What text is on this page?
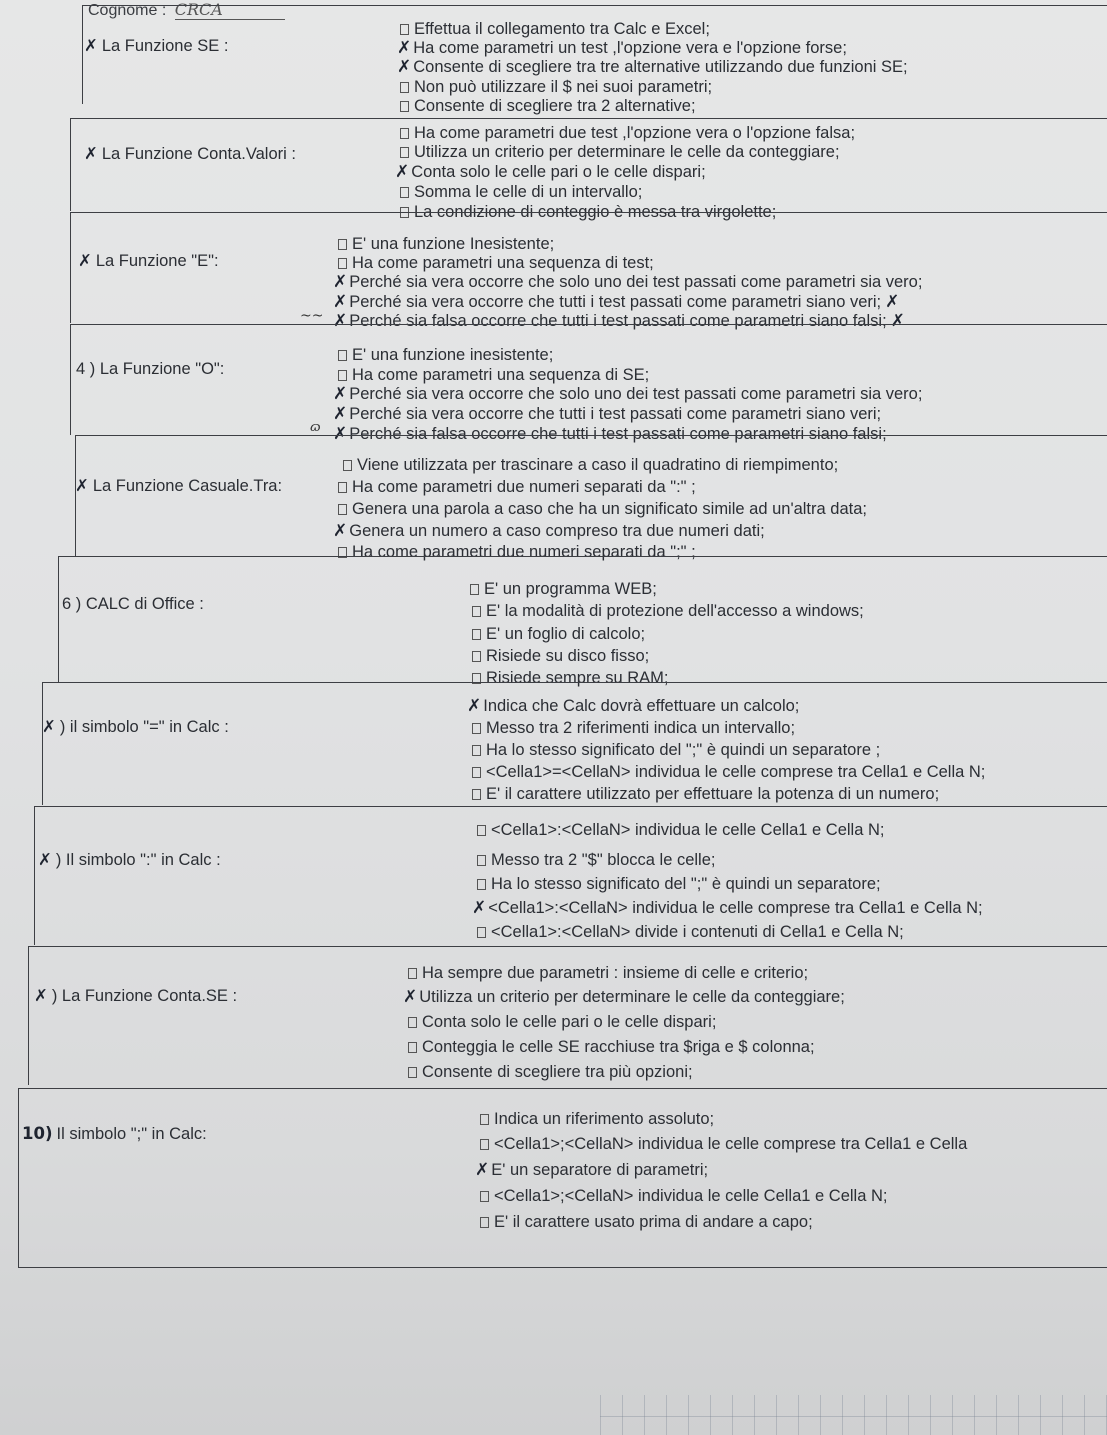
Cognome : CRCA
✗ La Funzione SE :
Effettua il collegamento tra Calc e Excel;
✗ Ha come parametri un test ,l'opzione vera e l'opzione forse;
✗ Consente di scegliere tra tre alternative utilizzando due funzioni SE;
Non può utilizzare il $ nei suoi parametri;
Consente di scegliere tra 2 alternative;
✗ La Funzione Conta.Valori :
Ha come parametri due test ,l'opzione vera o l'opzione falsa;
Utilizza un criterio per determinare le celle da conteggiare;
✗ Conta solo le celle pari o le celle dispari;
Somma le celle di un intervallo;
La condizione di conteggio è messa tra virgolette;
✗ La Funzione "E":
E' una funzione Inesistente;
Ha come parametri una sequenza di test;
✗ Perché sia vera occorre che solo uno dei test passati come parametri sia vero;
✗ Perché sia vera occorre che tutti i test passati come parametri siano veri; ✗
~~ ✗ Perché sia falsa occorre che tutti i test passati come parametri siano falsi; ✗
4 ) La Funzione "O":
E' una funzione inesistente;
Ha come parametri una sequenza di SE;
✗ Perché sia vera occorre che solo uno dei test passati come parametri sia vero;
ɷ
✗ Perché sia vera occorre che tutti i test passati come parametri siano veri;
✗ Perché sia falsa occorre che tutti i test passati come parametri siano falsi;
✗ La Funzione Casuale.Tra:
Viene utilizzata per trascinare a caso il quadratino di riempimento;
Ha come parametri due numeri separati da ":" ;
Genera una parola a caso che ha un significato simile ad un'altra data;
✗ Genera un numero a caso compreso tra due numeri dati;
Ha come parametri due numeri separati da ";" ;
6 ) CALC di Office :
E' un programma WEB;
E' la modalità di protezione dell'accesso a windows;
E' un foglio di calcolo;
Risiede su disco fisso;
Risiede sempre su RAM;
✗ ) il simbolo "=" in Calc :
✗ Indica che Calc dovrà effettuare un calcolo;
Messo tra 2 riferimenti indica un intervallo;
Ha lo stesso significato del ";" è quindi un separatore ;
<Cella1>=<CellaN> individua le celle comprese tra Cella1 e Cella N;
E' il carattere utilizzato per effettuare la potenza di un numero;
✗ ) Il simbolo ":" in Calc :
<Cella1>:<CellaN> individua le celle Cella1 e Cella N;
Messo tra 2 "$" blocca le celle;
Ha lo stesso significato del ";" è quindi un separatore;
✗ <Cella1>:<CellaN> individua le celle comprese tra Cella1 e Cella N;
<Cella1>:<CellaN> divide i contenuti di Cella1 e Cella N;
✗ ) La Funzione Conta.SE :
Ha sempre due parametri : insieme di celle e criterio;
✗ Utilizza un criterio per determinare le celle da conteggiare;
Conta solo le celle pari o le celle dispari;
Conteggia le celle SE racchiuse tra $riga e $ colonna;
Consente di scegliere tra più opzioni;
10) Il simbolo ";" in Calc:
Indica un riferimento assoluto;
<Cella1>;<CellaN> individua le celle comprese tra Cella1 e Cella
✗ E' un separatore di parametri;
<Cella1>;<CellaN> individua le celle Cella1 e Cella N;
E' il carattere usato prima di andare a capo;
